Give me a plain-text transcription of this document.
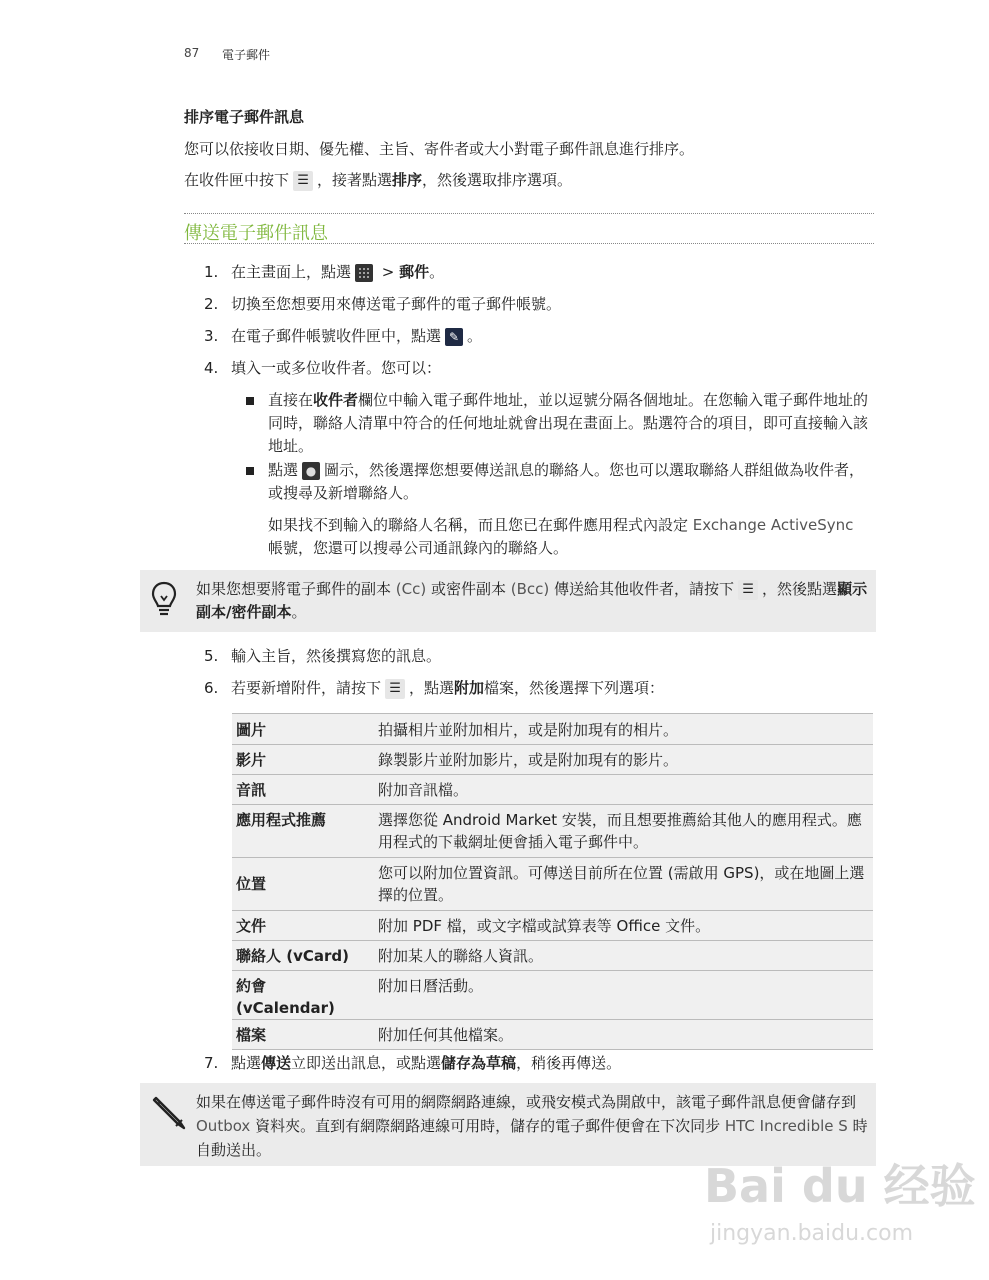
87 電子郵件
排序電子郵件訊息
您可以依接收日期、優先權、主旨、寄件者或大小對電子郵件訊息進行排序。
在收件匣中按下 ☰ ，接著點選排序，然後選取排序選項。
傳送電子郵件訊息
1. 在主畫面上，點選 > 郵件。
2. 切換至您想要用來傳送電子郵件的電子郵件帳號。
3. 在電子郵件帳號收件匣中，點選 ✎ 。
4. 填入一或多位收件者。您可以：
直接在收件者欄位中輸入電子郵件地址，並以逗號分隔各個地址。在您輸入電子郵件地址的同時，聯絡人清單中符合的任何地址就會出現在畫面上。點選符合的項目，即可直接輸入該地址。
點選 ● 圖示，然後選擇您想要傳送訊息的聯絡人。您也可以選取聯絡人群組做為收件者，或搜尋及新增聯絡人。
如果找不到輸入的聯絡人名稱，而且您已在郵件應用程式內設定 Exchange ActiveSync 帳號，您還可以搜尋公司通訊錄內的聯絡人。
如果您想要將電子郵件的副本 (Cc) 或密件副本 (Bcc) 傳送給其他收件者，請按下 ☰ ，然後點選顯示副本/密件副本。
5. 輸入主旨，然後撰寫您的訊息。
6. 若要新增附件，請按下 ☰ ，點選附加檔案，然後選擇下列選項：
圖片	拍攝相片並附加相片，或是附加現有的相片。
影片	錄製影片並附加影片，或是附加現有的影片。
音訊	附加音訊檔。
應用程式推薦	選擇您從 Android Market 安裝，而且想要推薦給其他人的應用程式。應用程式的下載網址便會插入電子郵件中。
位置	您可以附加位置資訊。可傳送目前所在位置 (需啟用 GPS)，或在地圖上選擇的位置。
文件	附加 PDF 檔，或文字檔或試算表等 Office 文件。
聯絡人 (vCard)	附加某人的聯絡人資訊。
約會 (vCalendar)	附加日曆活動。
檔案	附加任何其他檔案。
7. 點選傳送立即送出訊息，或點選儲存為草稿，稍後再傳送。
如果在傳送電子郵件時沒有可用的網際網路連線，或飛安模式為開啟中，該電子郵件訊息便會儲存到 Outbox 資料夾。直到有網際網路連線可用時，儲存的電子郵件便會在下次同步 HTC Incredible S 時自動送出。
Bai du 经验
jingyan.baidu.com
